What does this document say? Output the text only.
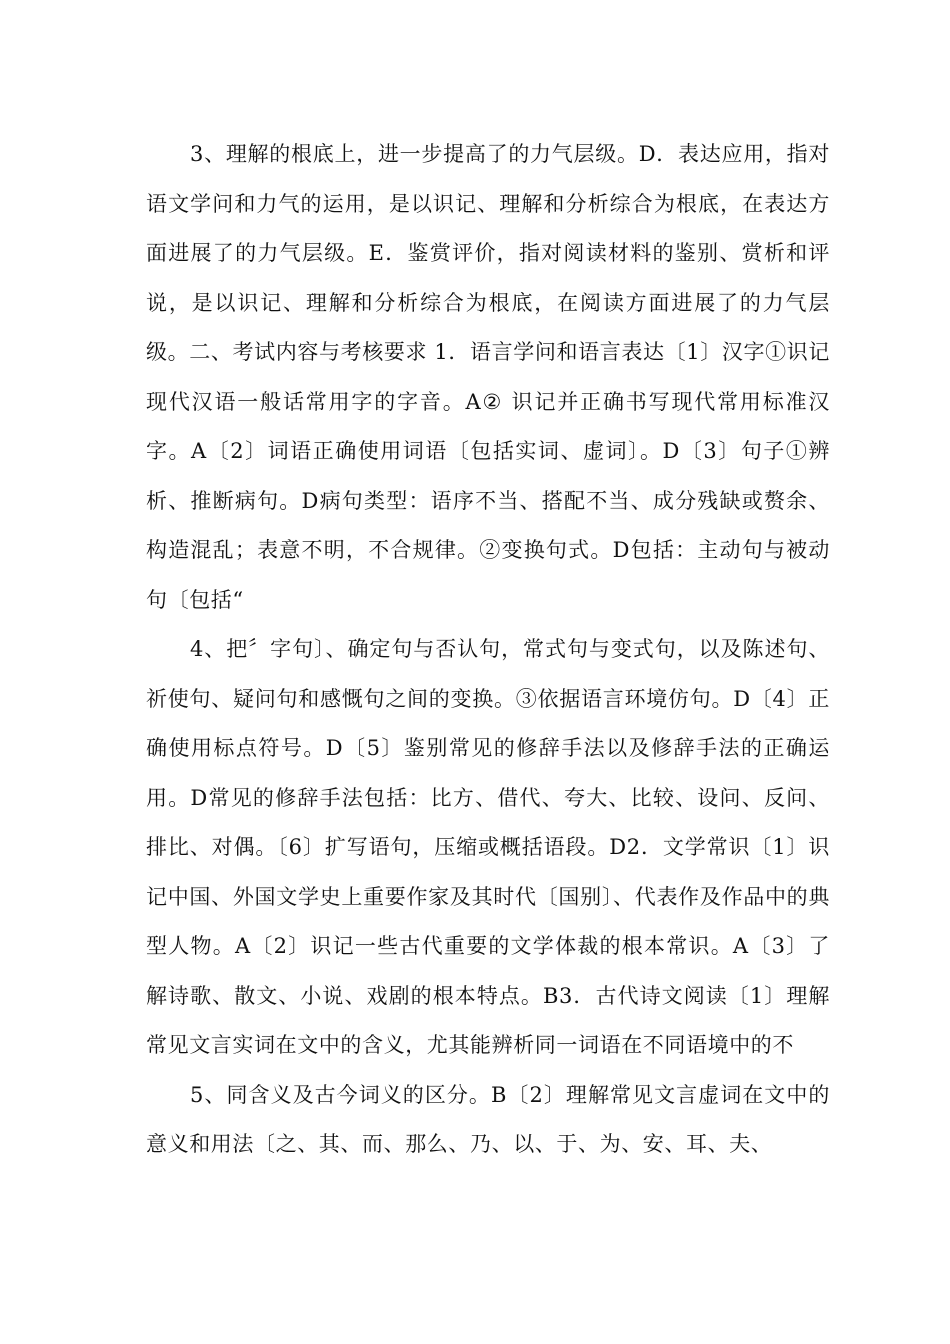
3、理解的根底上，进一步提高了的力气层级。D．表达应用，指对语文学问和力气的运用，是以识记、理解和分析综合为根底，在表达方面进展了的力气层级。E．鉴赏评价，指对阅读材料的鉴别、赏析和评说，是以识记、理解和分析综合为根底，在阅读方面进展了的力气层级。二、考试内容与考核要求 1．语言学问和语言表达〔1〕汉字①识记现代汉语一般话常用字的字音。A② 识记并正确书写现代常用标准汉字。A〔2〕词语正确使用词语〔包括实词、虚词〕。D〔3〕句子①辨析、推断病句。D病句类型：语序不当、搭配不当、成分残缺或赘余、构造混乱；表意不明，不合规律。②变换句式。D包括：主动句与被动句〔包括“

4、把〞字句〕、确定句与否认句，常式句与变式句，以及陈述句、祈使句、疑问句和感慨句之间的变换。③依据语言环境仿句。D〔4〕正确使用标点符号。D〔5〕鉴别常见的修辞手法以及修辞手法的正确运用。D常见的修辞手法包括：比方、借代、夸大、比较、设问、反问、排比、对偶。〔6〕扩写语句，压缩或概括语段。D2．文学常识〔1〕识记中国、外国文学史上重要作家及其时代〔国别〕、代表作及作品中的典型人物。A〔2〕识记一些古代重要的文学体裁的根本常识。A〔3〕了解诗歌、散文、小说、戏剧的根本特点。B3．古代诗文阅读〔1〕理解常见文言实词在文中的含义，尤其能辨析同一词语在不同语境中的不

5、同含义及古今词义的区分。B〔2〕理解常见文言虚词在文中的意义和用法〔之、其、而、那么、乃、以、于、为、安、耳、夫、
